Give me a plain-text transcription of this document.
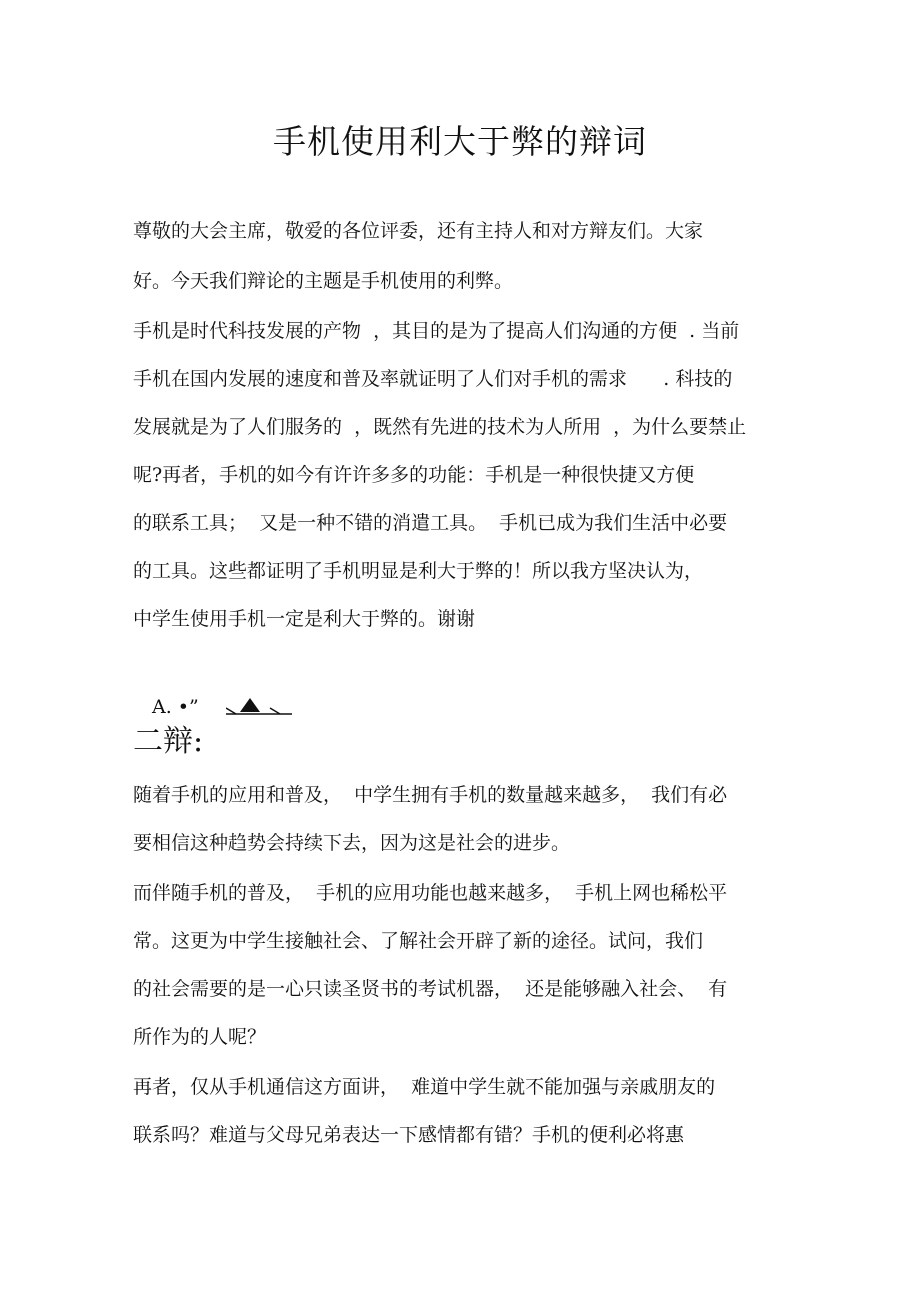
手机使用利大于弊的辩词

尊敬的大会主席，敬爱的各位评委，还有主持人和对方辩友们。大家

好。今天我们辩论的主题是手机使用的利弊。

手机是时代科技发展的产物  ，其目的是为了提高人们沟通的方便  . 当前

手机在国内发展的速度和普及率就证明了人们对手机的需求      . 科技的

发展就是为了人们服务的  ，既然有先进的技术为人所用  ，为什么要禁止

呢?再者，手机的如今有许许多多的功能：手机是一种很快捷又方便

的联系工具；  又是一种不错的消遣工具。  手机已成为我们生活中必要

的工具。这些都证明了手机明显是利大于弊的！所以我方坚决认为，

中学生使用手机一定是利大于弊的。谢谢

A. •”
二辩:

随着手机的应用和普及，  中学生拥有手机的数量越来越多，  我们有必

要相信这种趋势会持续下去，因为这是社会的进步。

而伴随手机的普及，  手机的应用功能也越来越多，  手机上网也稀松平

常。这更为中学生接触社会、了解社会开辟了新的途径。试问，我们

的社会需要的是一心只读圣贤书的考试机器，  还是能够融入社会、  有

所作为的人呢？

再者，仅从手机通信这方面讲，  难道中学生就不能加强与亲戚朋友的

联系吗？难道与父母兄弟表达一下感情都有错？手机的便利必将惠
